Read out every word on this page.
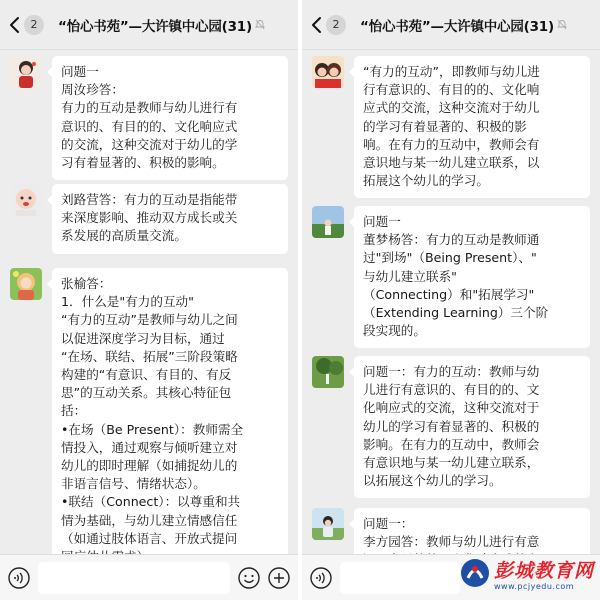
2	“怡心书苑”—大许镇中心园(31)
问题一
周汝珍答：
有力的互动是教师与幼儿进行有
意识的、有目的的、文化响应式
的交流，这种交流对于幼儿的学
习有着显著的、积极的影响。
刘路营答：有力的互动是指能带
来深度影响、推动双方成长或关
系发展的高质量交流。
张榆答：
1．什么是"有力的互动"
“有力的互动”是教师与幼儿之间
以促进深度学习为目标，通过
“在场、联结、拓展”三阶段策略
构建的“有意识、有目的、有反
思”的互动关系。其核心特征包
括：
•在场（Be Present）：教师需全
情投入，通过观察与倾听建立对
幼儿的即时理解（如捕捉幼儿的
非语言信号、情绪状态）。
•联结（Connect）：以尊重和共
情为基础，与幼儿建立情感信任
（如通过肢体语言、开放式提问
2	“怡心书苑”—大许镇中心园(31)
“有力的互动”，即教师与幼儿进
行有意识的、有目的的、文化响
应式的交流，这种交流对于幼儿
的学习有着显著的、积极的影
响。在有力的互动中，教师会有
意识地与某一幼儿建立联系，以
拓展这个幼儿的学习。
问题一
董梦杨答：有力的互动是教师通
过"到场"（Being Present）、"
与幼儿建立联系"
（Connecting）和"拓展学习"
（Extending Learning）三个阶
段实现的。
问题一：有力的互动：教师与幼
儿进行有意识的、有目的的、文
化响应式的交流，这种交流对于
幼儿的学习有着显著的、积极的
影响。在有力的互动中，教师会
有意识地与某一幼儿建立联系，
以拓展这个幼儿的学习。
问题一：
李方园答：教师与幼儿进行有意
彭城教育网
www.pcjyedu.com
